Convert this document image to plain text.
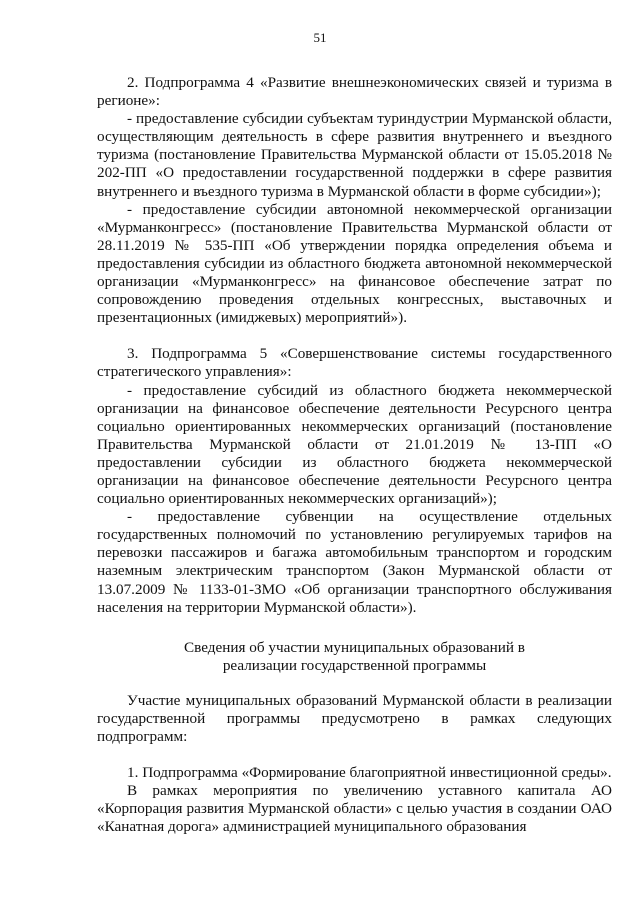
51

2. Подпрограмма 4 «Развитие внешнеэкономических связей и туризма в регионе»:

- предоставление субсидии субъектам туриндустрии Мурманской области, осуществляющим деятельность в сфере развития внутреннего и въездного туризма (постановление Правительства Мурманской области от 15.05.2018 № 202-ПП «О предоставлении государственной поддержки в сфере развития внутреннего и въездного туризма в Мурманской области в форме субсидии»);

- предоставление субсидии автономной некоммерческой организации «Мурманконгресс» (постановление Правительства Мурманской области от 28.11.2019 № 535-ПП «Об утверждении порядка определения объема и предоставления субсидии из областного бюджета автономной некоммерческой организации «Мурманконгресс» на финансовое обеспечение затрат по сопровождению проведения отдельных конгрессных, выставочных и презентационных (имиджевых) мероприятий»).

3. Подпрограмма 5 «Совершенствование системы государственного стратегического управления»:

- предоставление субсидий из областного бюджета некоммерческой организации на финансовое обеспечение деятельности Ресурсного центра социально ориентированных некоммерческих организаций (постановление Правительства Мурманской области от 21.01.2019 № 13-ПП «О предоставлении субсидии из областного бюджета некоммерческой организации на финансовое обеспечение деятельности Ресурсного центра социально ориентированных некоммерческих организаций»);

- предоставление субвенции на осуществление отдельных государственных полномочий по установлению регулируемых тарифов на перевозки пассажиров и багажа автомобильным транспортом и городским наземным электрическим транспортом (Закон Мурманской области от 13.07.2009 № 1133-01-ЗМО «Об организации транспортного обслуживания населения на территории Мурманской области»).

Сведения об участии муниципальных образований в

реализации государственной программы

Участие муниципальных образований Мурманской области в реализации государственной программы предусмотрено в рамках следующих подпрограмм:

1. Подпрограмма «Формирование благоприятной инвестиционной среды».

В рамках мероприятия по увеличению уставного капитала АО «Корпорация развития Мурманской области» с целью участия в создании ОАО «Канатная дорога» администрацией муниципального образования
